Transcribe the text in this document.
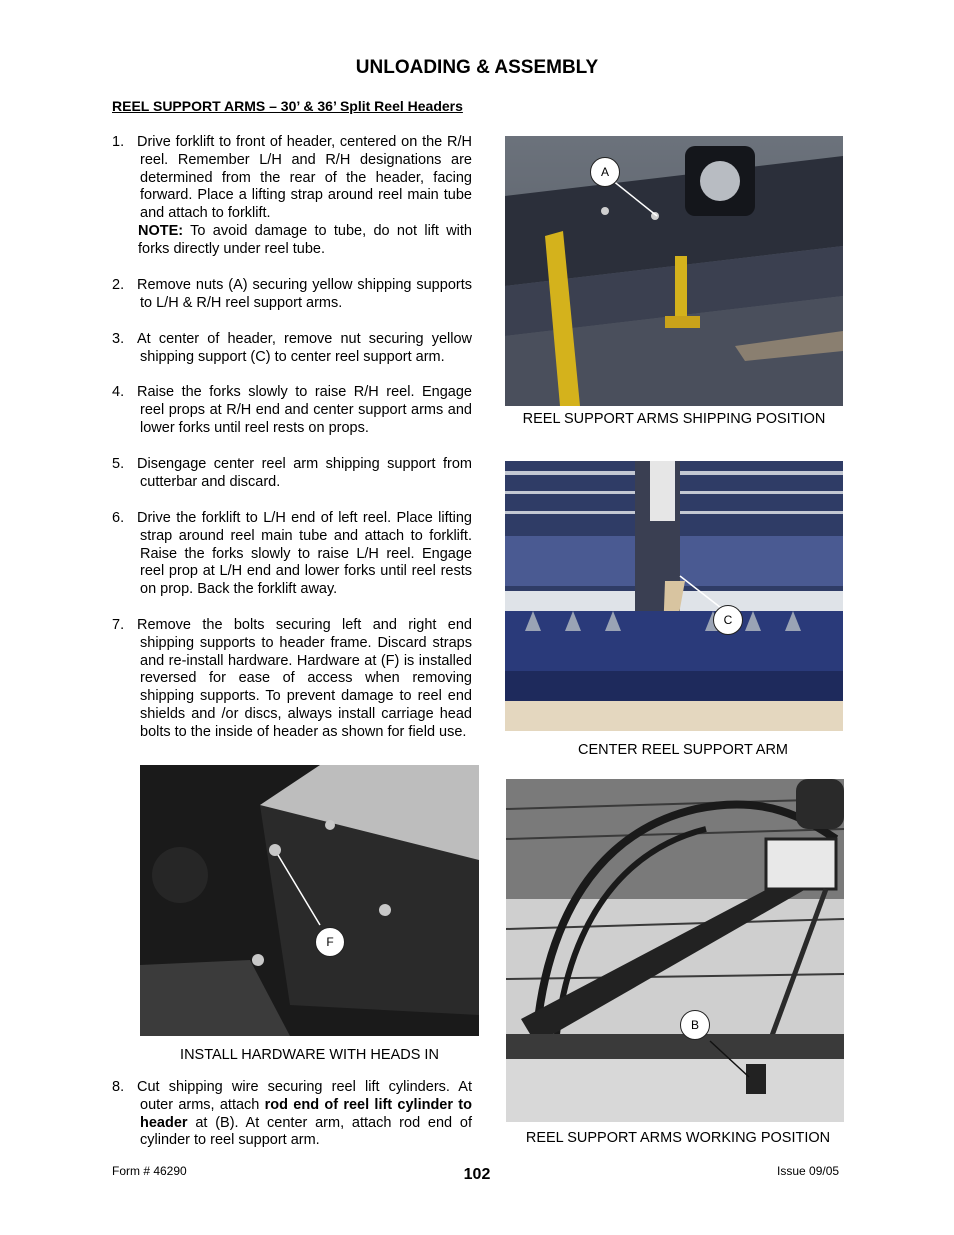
UNLOADING & ASSEMBLY
REEL SUPPORT ARMS – 30’ & 36’ Split Reel Headers
1. Drive forklift to front of header, centered on the R/H reel. Remember L/H and R/H designations are determined from the rear of the header, facing forward. Place a lifting strap around reel main tube and attach to forklift.
NOTE: To avoid damage to tube, do not lift with forks directly under reel tube.
2. Remove nuts (A) securing yellow shipping supports to L/H & R/H reel support arms.
3. At center of header, remove nut securing yellow shipping support (C) to center reel support arm.
4. Raise the forks slowly to raise R/H reel. Engage reel props at R/H end and center support arms and lower forks until reel rests on props.
5. Disengage center reel arm shipping support from cutterbar and discard.
6. Drive the forklift to L/H end of left reel. Place lifting strap around reel main tube and attach to forklift. Raise the forks slowly to raise L/H reel. Engage reel prop at L/H end and lower forks until reel rests on prop. Back the forklift away.
7. Remove the bolts securing left and right end shipping supports to header frame. Discard straps and re-install hardware. Hardware at (F) is installed reversed for ease of access when removing shipping supports. To prevent damage to reel end shields and /or discs, always install carriage head bolts to the inside of header as shown for field use.
8. Cut shipping wire securing reel lift cylinders. At outer arms, attach rod end of reel lift cylinder to header at (B). At center arm, attach rod end of cylinder to reel support arm.
A
REEL SUPPORT ARMS SHIPPING POSITION
C
CENTER REEL SUPPORT ARM
F
INSTALL HARDWARE WITH HEADS IN
B
REEL SUPPORT ARMS WORKING POSITION
Form # 46290	102	Issue 09/05
